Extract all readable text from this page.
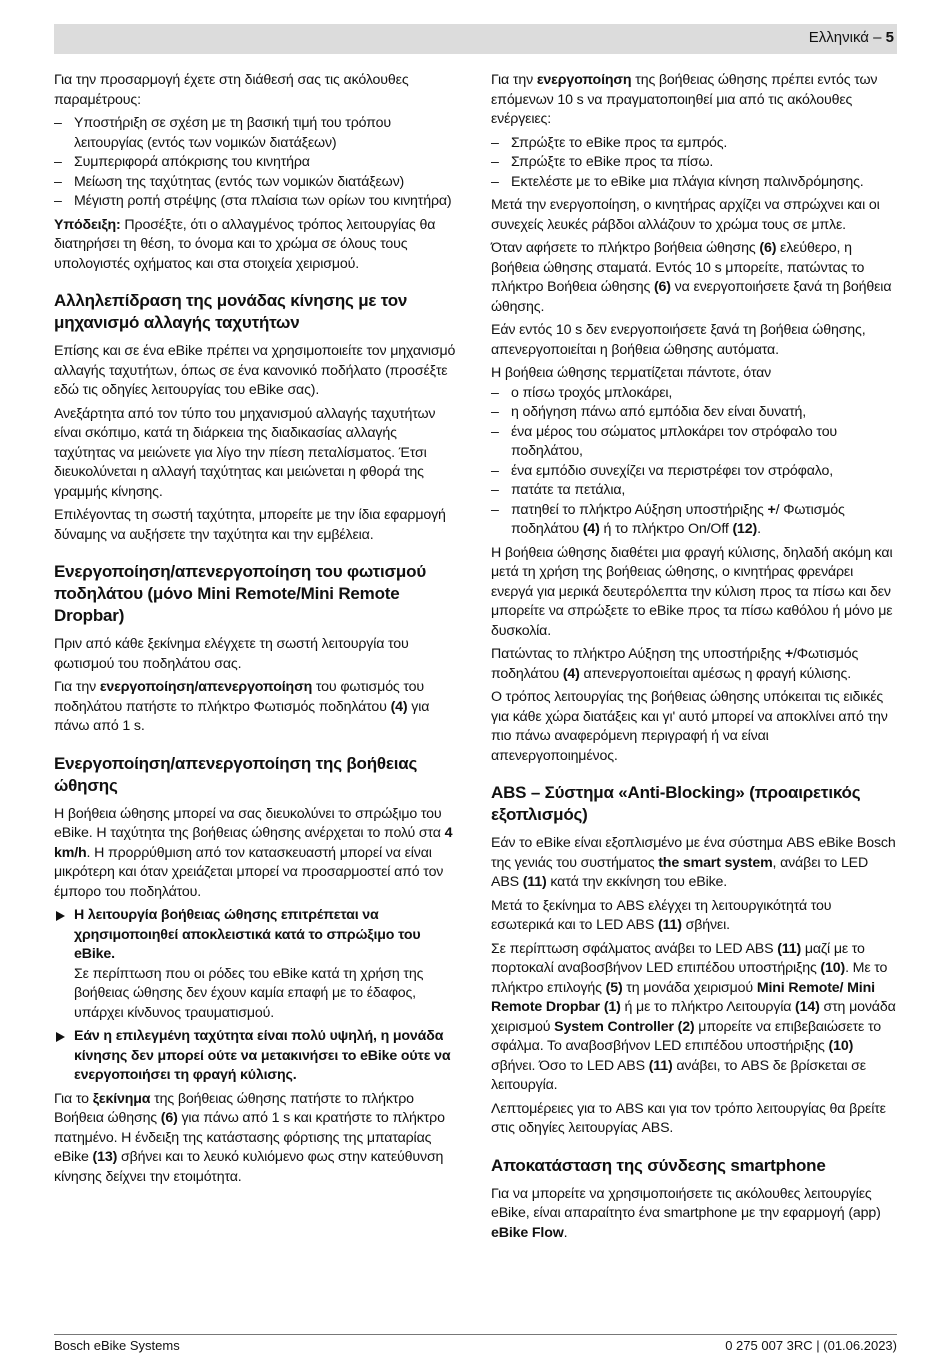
Ελληνικά – 5

Για την προσαρμογή έχετε στη διάθεσή σας τις ακόλουθες παραμέτρους:

– Υποστήριξη σε σχέση με τη βασική τιμή του τρόπου λειτουργίας (εντός των νομικών διατάξεων)
– Συμπεριφορά απόκρισης του κινητήρα
– Μείωση της ταχύτητας (εντός των νομικών διατάξεων)
– Μέγιστη ροπή στρέψης (στα πλαίσια των ορίων του κινητήρα)

Υπόδειξη: Προσέξτε, ότι ο αλλαγμένος τρόπος λειτουργίας θα διατηρήσει τη θέση, το όνομα και το χρώμα σε όλους τους υπολογιστές οχήματος και στα στοιχεία χειρισμού.

Αλληλεπίδραση της μονάδας κίνησης με τον μηχανισμό αλλαγής ταχυτήτων

Επίσης και σε ένα eBike πρέπει να χρησιμοποιείτε τον μηχανισμό αλλαγής ταχυτήτων, όπως σε ένα κανονικό ποδήλατο (προσέξτε εδώ τις οδηγίες λειτουργίας του eBike σας).

Ανεξάρτητα από τον τύπο του μηχανισμού αλλαγής ταχυτήτων είναι σκόπιμο, κατά τη διάρκεια της διαδικασίας αλλαγής ταχύτητας να μειώνετε για λίγο την πίεση πεταλίσματος. Έτσι διευκολύνεται η αλλαγή ταχύτητας και μειώνεται η φθορά της γραμμής κίνησης.

Επιλέγοντας τη σωστή ταχύτητα, μπορείτε με την ίδια εφαρμογή δύναμης να αυξήσετε την ταχύτητα και την εμβέλεια.

Ενεργοποίηση/απενεργοποίηση του φωτισμού ποδηλάτου (μόνο Mini Remote/Mini Remote Dropbar)

Πριν από κάθε ξεκίνημα ελέγχετε τη σωστή λειτουργία του φωτισμού του ποδηλάτου σας.

Για την ενεργοποίηση/απενεργοποίηση του φωτισμός του ποδηλάτου πατήστε το πλήκτρο Φωτισμός ποδηλάτου (4) για πάνω από 1 s.

Ενεργοποίηση/απενεργοποίηση της βοήθειας ώθησης

Η βοήθεια ώθησης μπορεί να σας διευκολύνει το σπρώξιμο του eBike. Η ταχύτητα της βοήθειας ώθησης ανέρχεται το πολύ στα 4 km/h. Η προρρύθμιση από τον κατασκευαστή μπορεί να είναι μικρότερη και όταν χρειάζεται μπορεί να προσαρμοστεί από τον έμπορο του ποδηλάτου.

Η λειτουργία βοήθειας ώθησης επιτρέπεται να χρησιμοποιηθεί αποκλειστικά κατά το σπρώξιμο του eBike.
Σε περίπτωση που οι ρόδες του eBike κατά τη χρήση της βοήθειας ώθησης δεν έχουν καμία επαφή με το έδαφος, υπάρχει κίνδυνος τραυματισμού.
Εάν η επιλεγμένη ταχύτητα είναι πολύ υψηλή, η μονάδα κίνησης δεν μπορεί ούτε να μετακινήσει το eBike ούτε να ενεργοποιήσει τη φραγή κύλισης.

Για το ξεκίνημα της βοήθειας ώθησης πατήστε το πλήκτρο Βοήθεια ώθησης (6) για πάνω από 1 s και κρατήστε το πλήκτρο πατημένο. Η ένδειξη της κατάστασης φόρτισης της μπαταρίας eBike (13) σβήνει και το λευκό κυλιόμενο φως στην κατεύθυνση κίνησης δείχνει την ετοιμότητα.

Για την ενεργοποίηση της βοήθειας ώθησης πρέπει εντός των επόμενων 10 s να πραγματοποιηθεί μια από τις ακόλουθες ενέργειες:

– Σπρώξτε το eBike προς τα εμπρός.
– Σπρώξτε το eBike προς τα πίσω.
– Εκτελέστε με το eBike μια πλάγια κίνηση παλινδρόμησης.

Μετά την ενεργοποίηση, ο κινητήρας αρχίζει να σπρώχνει και οι συνεχείς λευκές ράβδοι αλλάζουν το χρώμα τους σε μπλε.

Όταν αφήσετε το πλήκτρο βοήθεια ώθησης (6) ελεύθερο, η βοήθεια ώθησης σταματά. Εντός 10 s μπορείτε, πατώντας το πλήκτρο Βοήθεια ώθησης (6) να ενεργοποιήσετε ξανά τη βοήθεια ώθησης.

Εάν εντός 10 s δεν ενεργοποιήσετε ξανά τη βοήθεια ώθησης, απενεργοποιείται η βοήθεια ώθησης αυτόματα.

Η βοήθεια ώθησης τερματίζεται πάντοτε, όταν

– ο πίσω τροχός μπλοκάρει,
– η οδήγηση πάνω από εμπόδια δεν είναι δυνατή,
– ένα μέρος του σώματος μπλοκάρει τον στρόφαλο του ποδηλάτου,
– ένα εμπόδιο συνεχίζει να περιστρέφει τον στρόφαλο,
– πατάτε τα πετάλια,
– πατηθεί το πλήκτρο Αύξηση υποστήριξης +/ Φωτισμός ποδηλάτου (4) ή το πλήκτρο On/Off (12).

Η βοήθεια ώθησης διαθέτει μια φραγή κύλισης, δηλαδή ακόμη και μετά τη χρήση της βοήθειας ώθησης, ο κινητήρας φρενάρει ενεργά για μερικά δευτερόλεπτα την κύλιση προς τα πίσω και δεν μπορείτε να σπρώξετε το eBike προς τα πίσω καθόλου ή μόνο με δυσκολία.

Πατώντας το πλήκτρο Αύξηση της υποστήριξης +/Φωτισμός ποδηλάτου (4) απενεργοποιείται αμέσως η φραγή κύλισης.

Ο τρόπος λειτουργίας της βοήθειας ώθησης υπόκειται τις ειδικές για κάθε χώρα διατάξεις και γι' αυτό μπορεί να αποκλίνει από την πιο πάνω αναφερόμενη περιγραφή ή να είναι απενεργοποιημένος.

ABS – Σύστημα «Anti-Blocking» (προαιρετικός εξοπλισμός)

Εάν το eBike είναι εξοπλισμένο με ένα σύστημα ABS eBike Bosch της γενιάς του συστήματος the smart system, ανάβει το LED ABS (11) κατά την εκκίνηση του eBike.

Μετά το ξεκίνημα το ABS ελέγχει τη λειτουργικότητά του εσωτερικά και το LED ABS (11) σβήνει.

Σε περίπτωση σφάλματος ανάβει το LED ABS (11) μαζί με το πορτοκαλί αναβοσβήνον LED επιπέδου υποστήριξης (10). Με το πλήκτρο επιλογής (5) τη μονάδα χειρισμού Mini Remote/ Mini Remote Dropbar (1) ή με το πλήκτρο Λειτουργία (14) στη μονάδα χειρισμού System Controller (2) μπορείτε να επιβεβαιώσετε το σφάλμα. Το αναβοσβήνον LED επιπέδου υποστήριξης (10) σβήνει. Όσο το LED ABS (11) ανάβει, το ABS δε βρίσκεται σε λειτουργία.

Λεπτομέρειες για το ABS και για τον τρόπο λειτουργίας θα βρείτε στις οδηγίες λειτουργίας ABS.

Αποκατάσταση της σύνδεσης smartphone

Για να μπορείτε να χρησιμοποιήσετε τις ακόλουθες λειτουργίες eBike, είναι απαραίτητο ένα smartphone με την εφαρμογή (app) eBike Flow.

Bosch eBike Systems	0 275 007 3RC | (01.06.2023)
